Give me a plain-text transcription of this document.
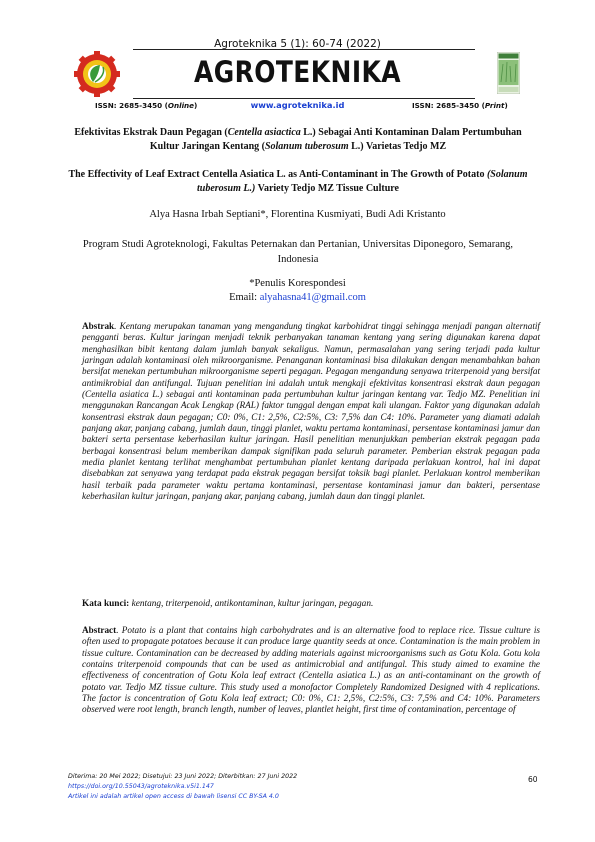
Agroteknika 5 (1): 60-74 (2022)
AGROTEKNIKA
ISSN: 2685-3450 (Online)	www.agroteknika.id	ISSN: 2685-3450 (Print)
Efektivitas Ekstrak Daun Pegagan (Centella asiactica L.) Sebagai Anti Kontaminan Dalam Pertumbuhan Kultur Jaringan Kentang (Solanum tuberosum L.) Varietas Tedjo MZ
The Effectivity of Leaf Extract Centella Asiatica L. as Anti-Contaminant in The Growth of Potato (Solanum tuberosum L.) Variety Tedjo MZ Tissue Culture
Alya Hasna Irbah Septiani*, Florentina Kusmiyati, Budi Adi Kristanto
Program Studi Agroteknologi, Fakultas Peternakan dan Pertanian, Universitas Diponegoro, Semarang, Indonesia
*Penulis Korespondesi
Email: alyahasna41@gmail.com
Abstrak. Kentang merupakan tanaman yang mengandung tingkat karbohidrat tinggi sehingga menjadi pangan alternatif pengganti beras. Kultur jaringan menjadi teknik perbanyakan tanaman kentang yang sering digunakan karena dapat menghasilkan bibit kentang dalam jumlah banyak sekaligus. Namun, permasalahan yang sering terjadi pada kultur jaringan adalah kontaminasi oleh mikroorganisme. Penanganan kontaminasi bisa dilakukan dengan menambahkan bahan bersifat menekan pertumbuhan mikroorganisme seperti pegagan. Pegagan mengandung senyawa triterpenoid yang bersifat antimikrobial dan antifungal. Tujuan penelitian ini adalah untuk mengkaji efektivitas konsentrasi ekstrak daun pegagan (Centella asiatica L.) sebagai anti kontaminan pada pertumbuhan kultur jaringan kentang var. Tedjo MZ. Penelitian ini menggunakan Rancangan Acak Lengkap (RAL) faktor tunggal dengan empat kali ulangan. Faktor yang digunakan adalah konsentrasi ekstrak daun pegagan; C0: 0%, C1: 2,5%, C2:5%, C3: 7,5% dan C4: 10%. Parameter yang diamati adalah panjang akar, panjang cabang, jumlah daun, tinggi planlet, waktu pertama kontaminasi, persentase kontaminasi jamur dan bakteri serta persentase keberhasilan kultur jaringan. Hasil penelitian menunjukkan pemberian ekstrak pegagan pada berbagai konsentrasi belum memberikan dampak signifikan pada seluruh parameter. Pemberian ekstrak pegagan pada media planlet kentang terlihat menghambat pertumbuhan planlet kentang daripada perlakuan kontrol, hal ini dapat disebabkan zat senyawa yang terdapat pada ekstrak pegagan bersifat toksik bagi planlet. Perlakuan kontrol memberikan hasil terbaik pada parameter waktu pertama kontaminasi, persentase kontaminasi jamur dan bakteri, persentase keberhasilan kultur jaringan, panjang akar, panjang cabang, jumlah daun dan tinggi planlet.
Kata kunci: kentang, triterpenoid, antikontaminan, kultur jaringan, pegagan.
Abstract. Potato is a plant that contains high carbohydrates and is an alternative food to replace rice. Tissue culture is often used to propagate potatoes because it can produce large quantity seeds at once. Contamination is the main problem in tissue culture. Contamination can be decreased by adding materials against microorganisms such as Gotu Kola. Gotu kola contains triterpenoid compounds that can be used as antimicrobial and antifungal. This study aimed to examine the effectiveness of concentration of Gotu Kola leaf extract (Centella asiatica L.) as an anti-contaminant on the growth of potato var. Tedjo MZ tissue culture. This study used a monofactor Completely Randomized Designed with 4 replications. The factor is concentration of Gotu Kola leaf extract; C0: 0%, C1: 2,5%, C2:5%, C3: 7,5% and C4: 10%. Parameters observed were root length, branch length, number of leaves, plantlet height, first time of contamination, percentage of
Diterima: 20 Mei 2022; Disetujui: 23 Juni 2022; Diterbitkan: 27 Juni 2022
https://doi.org/10.55043/agroteknika.v5i1.147
Artikel ini adalah artikel open access di bawah lisensi CC BY-SA 4.0
60
